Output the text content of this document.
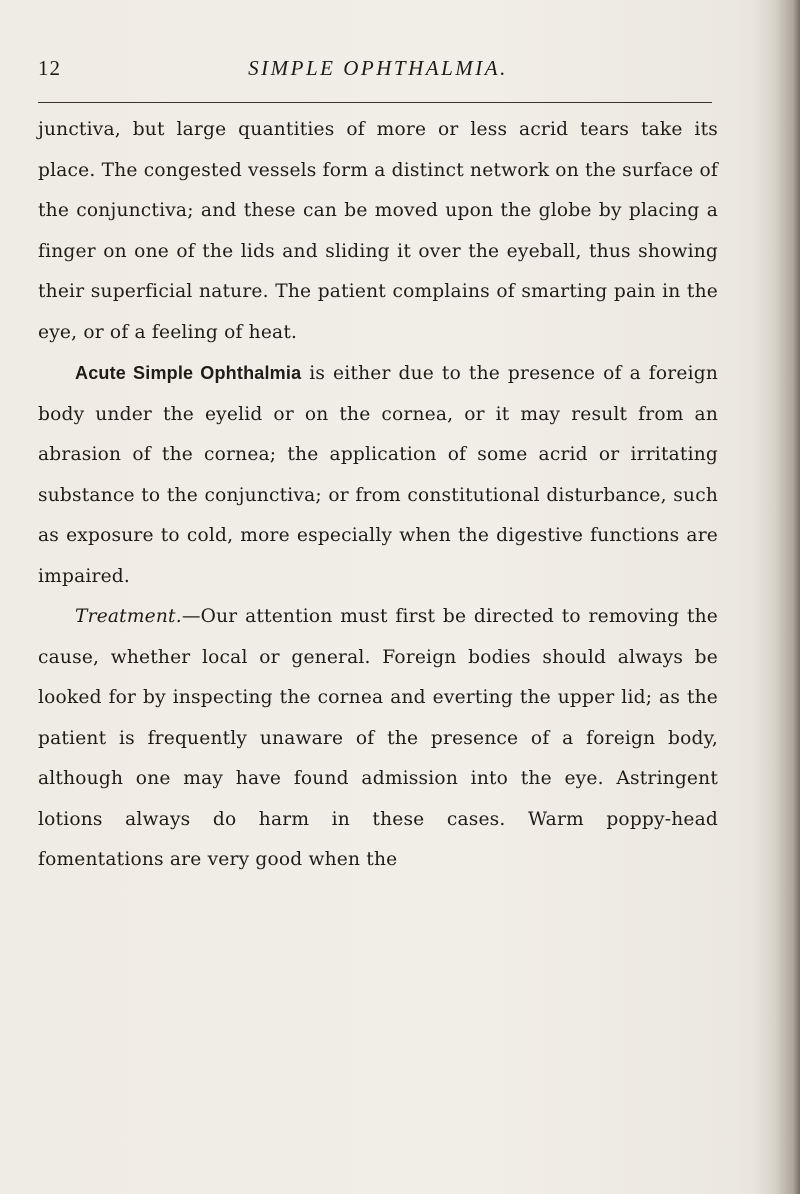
12	SIMPLE OPHTHALMIA.

junctiva, but large quantities of more or less acrid tears take its place. The congested vessels form a distinct network on the surface of the conjunctiva; and these can be moved upon the globe by placing a finger on one of the lids and sliding it over the eyeball, thus showing their superficial nature. The patient complains of smarting pain in the eye, or of a feeling of heat.

Acute Simple Ophthalmia is either due to the presence of a foreign body under the eyelid or on the cornea, or it may result from an abrasion of the cornea; the application of some acrid or irritating substance to the conjunctiva; or from constitutional disturbance, such as exposure to cold, more especially when the digestive functions are impaired.

Treatment.—Our attention must first be directed to removing the cause, whether local or general. Foreign bodies should always be looked for by inspecting the cornea and everting the upper lid; as the patient is frequently unaware of the presence of a foreign body, although one may have found admission into the eye. Astringent lotions always do harm in these cases. Warm poppy-head fomentations are very good when the
